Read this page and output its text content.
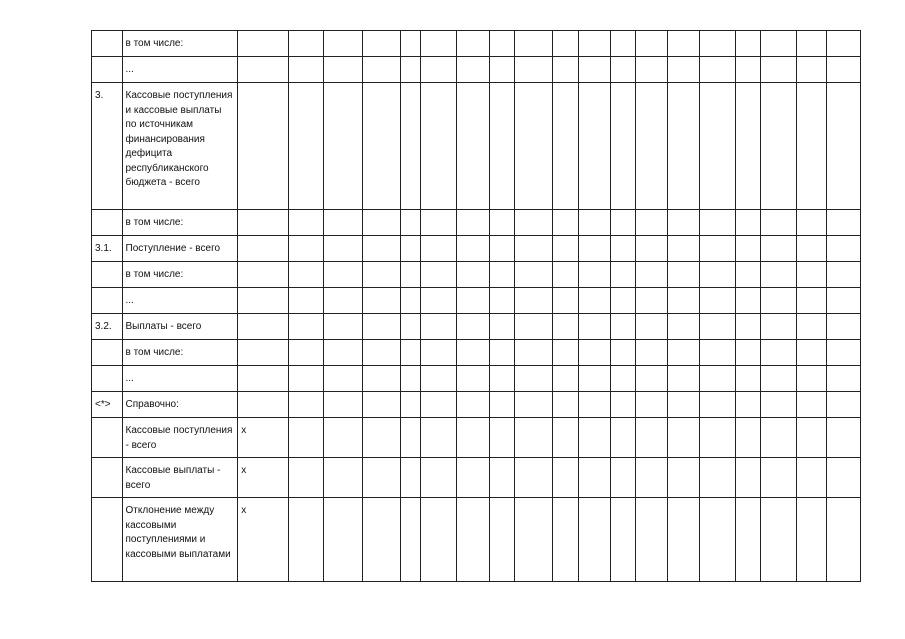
	в том числе:																			
	...																			
3.	Кассовые поступления и кассовые выплаты по источникам финансирования дефицита республиканского бюджета - всего																			
	в том числе:																			
3.1.	Поступление - всего																			
	в том числе:																			
	...																			
3.2.	Выплаты - всего																			
	в том числе:																			
	...																			
<*>	Справочно:																			
	Кассовые поступления - всего	x																		
	Кассовые выплаты - всего	x																		
	Отклонение между кассовыми поступлениями и кассовыми выплатами	x																		
